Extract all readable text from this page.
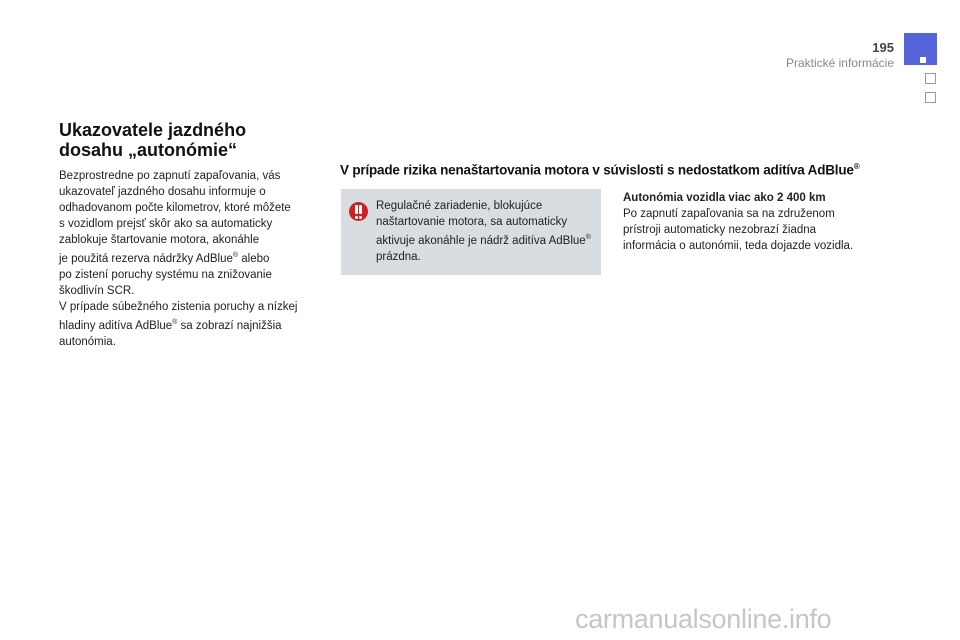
195
Praktické informácie
Ukazovatele jazdného
dosahu „autonómie“

Bezprostredne po zapnutí zapaľovania, vás
ukazovateľ jazdného dosahu informuje o
odhadovanom počte kilometrov, ktoré môžete
s vozidlom prejsť skôr ako sa automaticky
zablokuje štartovanie motora, akonáhle
je použitá rezerva nádržky AdBlue® alebo
po zistení poruchy systému na znižovanie
škodlivín SCR.
V prípade súbežného zistenia poruchy a nízkej
hladiny aditíva AdBlue® sa zobrazí najnižšia
autonómia.

V prípade rizika nenaštartovania motora v súvislosti s nedostatkom aditíva AdBlue®
Regulačné zariadenie, blokujúce naštartovanie motora, sa automaticky aktivuje akonáhle je nádrž aditíva AdBlue® prázdna.
Autonómia vozidla viac ako 2 400 km

Po zapnutí zapaľovania sa na združenom
prístroji automaticky nezobrazí žiadna
informácia o autonómii, teda dojazde vozidla.

carmanualsonline.info
